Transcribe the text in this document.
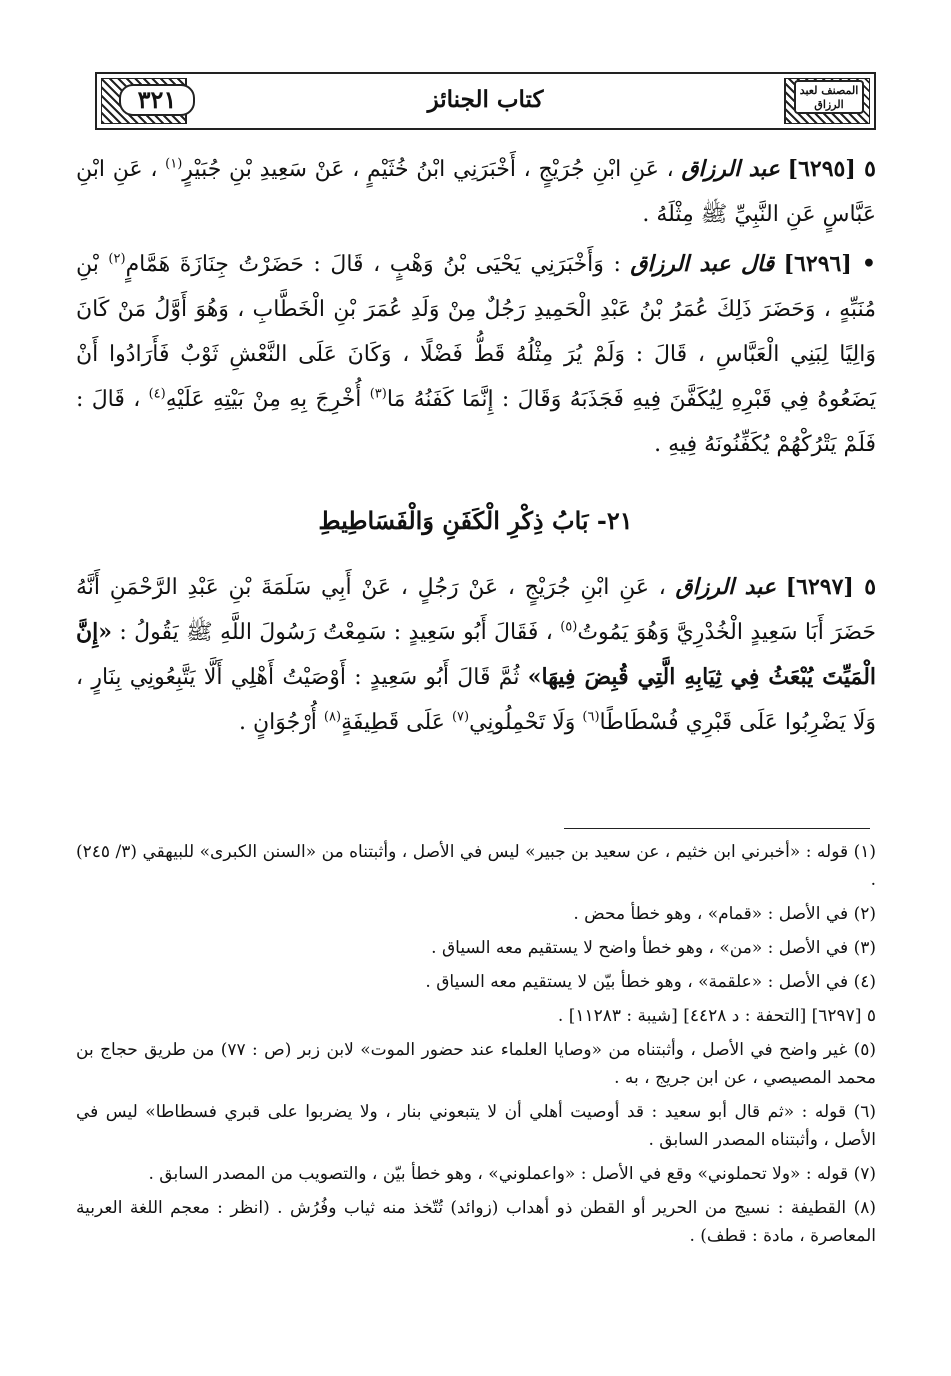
كتاب الجنائز
٣٢١	المصنف لعبد الرزاق
٥ [٦٢٩٥] عبد الرزاق ، عَنِ ابْنِ جُرَيْجٍ ، أَخْبَرَنِي ابْنُ خُثَيْمٍ ، عَنْ سَعِيدِ بْنِ جُبَيْرٍ$^{(١)}$ ، عَنِ ابْنِ عَبَّاسٍ عَنِ النَّبِيِّ ﷺ مِثْلَهُ .
• [٦٢٩٦] قال عبد الرزاق : وَأَخْبَرَنِي يَحْيَى بْنُ وَهْبٍ ، قَالَ : حَضَرْتُ جِنَازَةَ هَمَّامٍ$^{(٢)}$ بْنِ مُنَبِّهٍ ، وَحَضَرَ ذَلِكَ عُمَرُ بْنُ عَبْدِ الْحَمِيدِ رَجُلٌ مِنْ وَلَدِ عُمَرَ بْنِ الْخَطَّابِ ، وَهُوَ أَوَّلُ مَنْ كَانَ وَالِيًا لِبَنِي الْعَبَّاسِ ، قَالَ : وَلَمْ يُرَ مِثْلُهُ قَطُّ فَضْلًا ، وَكَانَ عَلَى النَّعْشِ ثَوْبٌ فَأَرَادُوا أَنْ يَضَعُوهُ فِي قَبْرِهِ لِيُكَفَّنَ فِيهِ فَجَذَبَهُ وَقَالَ : إِنَّمَا كَفَنُهُ مَا$^{(٣)}$ أُخْرِجَ بِهِ مِنْ بَيْتِهِ عَلَيْهِ$^{(٤)}$ ، قَالَ : فَلَمْ يَتْرُكْهُمْ يُكَفِّنُونَهُ فِيهِ .
٢١- بَابُ ذِكْرِ الْكَفَنِ وَالْفَسَاطِيطِ
٥ [٦٢٩٧] عبد الرزاق ، عَنِ ابْنِ جُرَيْجٍ ، عَنْ رَجُلٍ ، عَنْ أَبِي سَلَمَةَ بْنِ عَبْدِ الرَّحْمَنِ أَنَّهُ حَضَرَ أَبَا سَعِيدٍ الْخُدْرِيَّ وَهُوَ يَمُوتُ$^{(٥)}$ ، فَقَالَ أَبُو سَعِيدٍ : سَمِعْتُ رَسُولَ اللَّهِ ﷺ يَقُولُ : «إِنَّ الْمَيِّتَ يُبْعَثُ فِي ثِيَابِهِ الَّتِي قُبِضَ فِيهَا» ثُمَّ قَالَ أَبُو سَعِيدٍ : أَوْصَيْتُ أَهْلِي أَلَّا يَتَّبِعُونِي بِنَارٍ ، وَلَا يَضْرِبُوا عَلَى قَبْرِي فُسْطَاطًا$^{(٦)}$ وَلَا تَحْمِلُونِي$^{(٧)}$ عَلَى قَطِيفَةٍ$^{(٨)}$ أُرْجُوَانٍ .

(١) قوله : «أخبرني ابن خثيم ، عن سعيد بن جبير» ليس في الأصل ، وأثبتناه من «السنن الكبرى» للبيهقي (٣/ ٢٤٥) .

(٢) في الأصل : «قمام» ، وهو خطأ محض .

(٣) في الأصل : «من» ، وهو خطأ واضح لا يستقيم معه السياق .

(٤) في الأصل : «علقمة» ، وهو خطأ بيّن لا يستقيم معه السياق .

٥ [٦٢٩٧] [التحفة : د ٤٤٢٨] [شيبة : ١١٢٨٣] .

(٥) غير واضح في الأصل ، وأثبتناه من «وصايا العلماء عند حضور الموت» لابن زبر (ص : ٧٧) من طريق حجاج بن محمد المصيصي ، عن ابن جريج ، به .

(٦) قوله : «ثم قال أبو سعيد : قد أوصيت أهلي أن لا يتبعوني بنار ، ولا يضربوا على قبري فسطاطا» ليس في الأصل ، وأثبتناه المصدر السابق .

(٧) قوله : «ولا تحملوني» وقع في الأصل : «واعملوني» ، وهو خطأ بيّن ، والتصويب من المصدر السابق .

(٨) القطيفة : نسيج من الحرير أو القطن ذو أهداب (زوائد) تُتّخذ منه ثياب وفُرُش . (انظر : معجم اللغة العربية المعاصرة ، مادة : قطف) .
